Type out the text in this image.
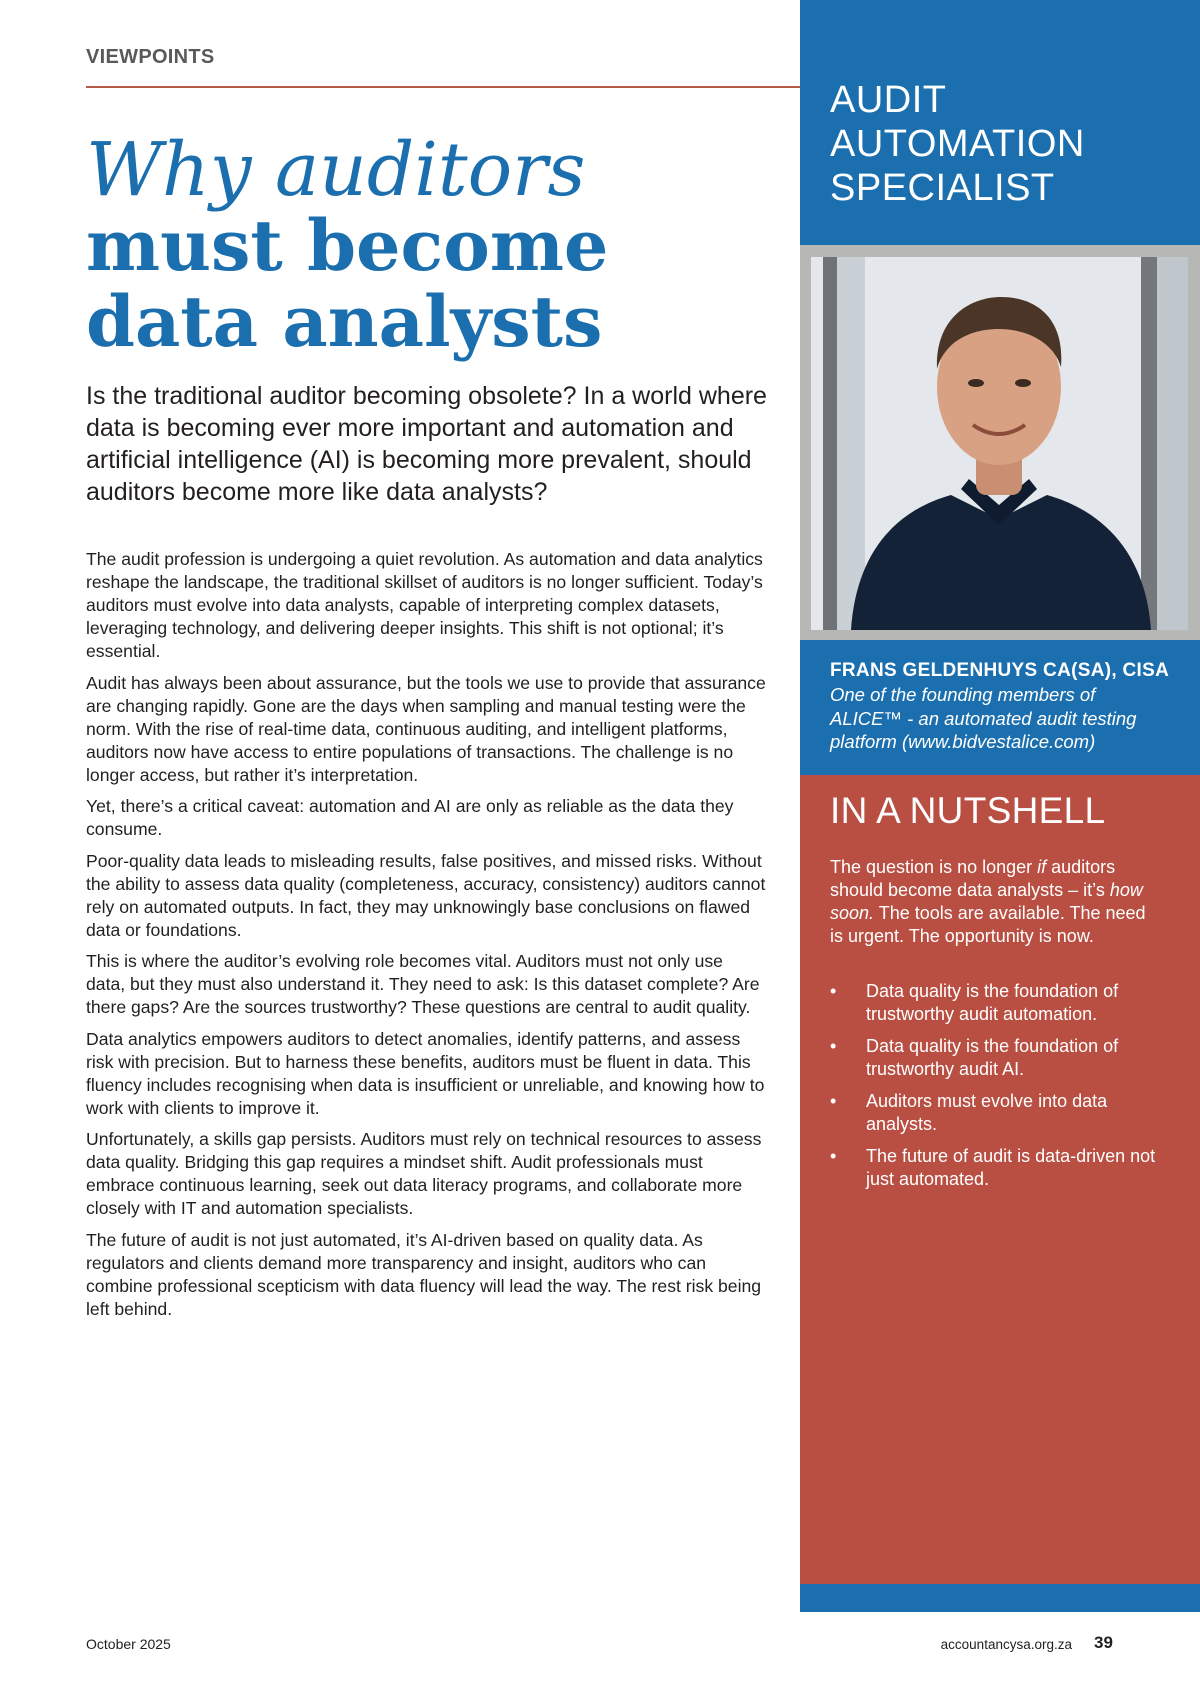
VIEWPOINTS
Why auditors
must become
data analysts
Is the traditional auditor becoming obsolete? In a world where data is becoming ever more important and automation and artificial intelligence (AI) is becoming more prevalent, should auditors become more like data analysts?

The audit profession is undergoing a quiet revolution. As automation and data analytics reshape the landscape, the traditional skillset of auditors is no longer sufficient. Today’s auditors must evolve into data analysts, capable of interpreting complex datasets, leveraging technology, and delivering deeper insights. This shift is not optional; it’s essential.

Audit has always been about assurance, but the tools we use to provide that assurance are changing rapidly. Gone are the days when sampling and manual testing were the norm. With the rise of real-time data, continuous auditing, and intelligent platforms, auditors now have access to entire populations of transactions. The challenge is no longer access, but rather it’s interpretation.

Yet, there’s a critical caveat: automation and AI are only as reliable as the data they consume.

Poor-quality data leads to misleading results, false positives, and missed risks. Without the ability to assess data quality (completeness, accuracy, consistency) auditors cannot rely on automated outputs. In fact, they may unknowingly base conclusions on flawed data or foundations.

This is where the auditor’s evolving role becomes vital. Auditors must not only use data, but they must also understand it. They need to ask: Is this dataset complete? Are there gaps? Are the sources trustworthy? These questions are central to audit quality.

Data analytics empowers auditors to detect anomalies, identify patterns, and assess risk with precision. But to harness these benefits, auditors must be fluent in data. This fluency includes recognising when data is insufficient or unreliable, and knowing how to work with clients to improve it.

Unfortunately, a skills gap persists. Auditors must rely on technical resources to assess data quality. Bridging this gap requires a mindset shift. Audit professionals must embrace continuous learning, seek out data literacy programs, and collaborate more closely with IT and automation specialists.

The future of audit is not just automated, it’s AI-driven based on quality data. As regulators and clients demand more transparency and insight, auditors who can combine professional scepticism with data fluency will lead the way. The rest risk being left behind.

AUDIT
AUTOMATION
SPECIALIST
FRANS GELDENHUYS CA(SA), CISA
One of the founding members of ALICE™ - an automated audit testing platform (www.bidvestalice.com)
IN A NUTSHELL
The question is no longer if auditors should become data analysts – it’s how soon. The tools are available. The need is urgent. The opportunity is now.
• Data quality is the foundation of trustworthy audit automation.
• Data quality is the foundation of trustworthy audit AI.
• Auditors must evolve into data analysts.
• The future of audit is data-driven not just automated.
October 2025	accountancysa.org.za 39
